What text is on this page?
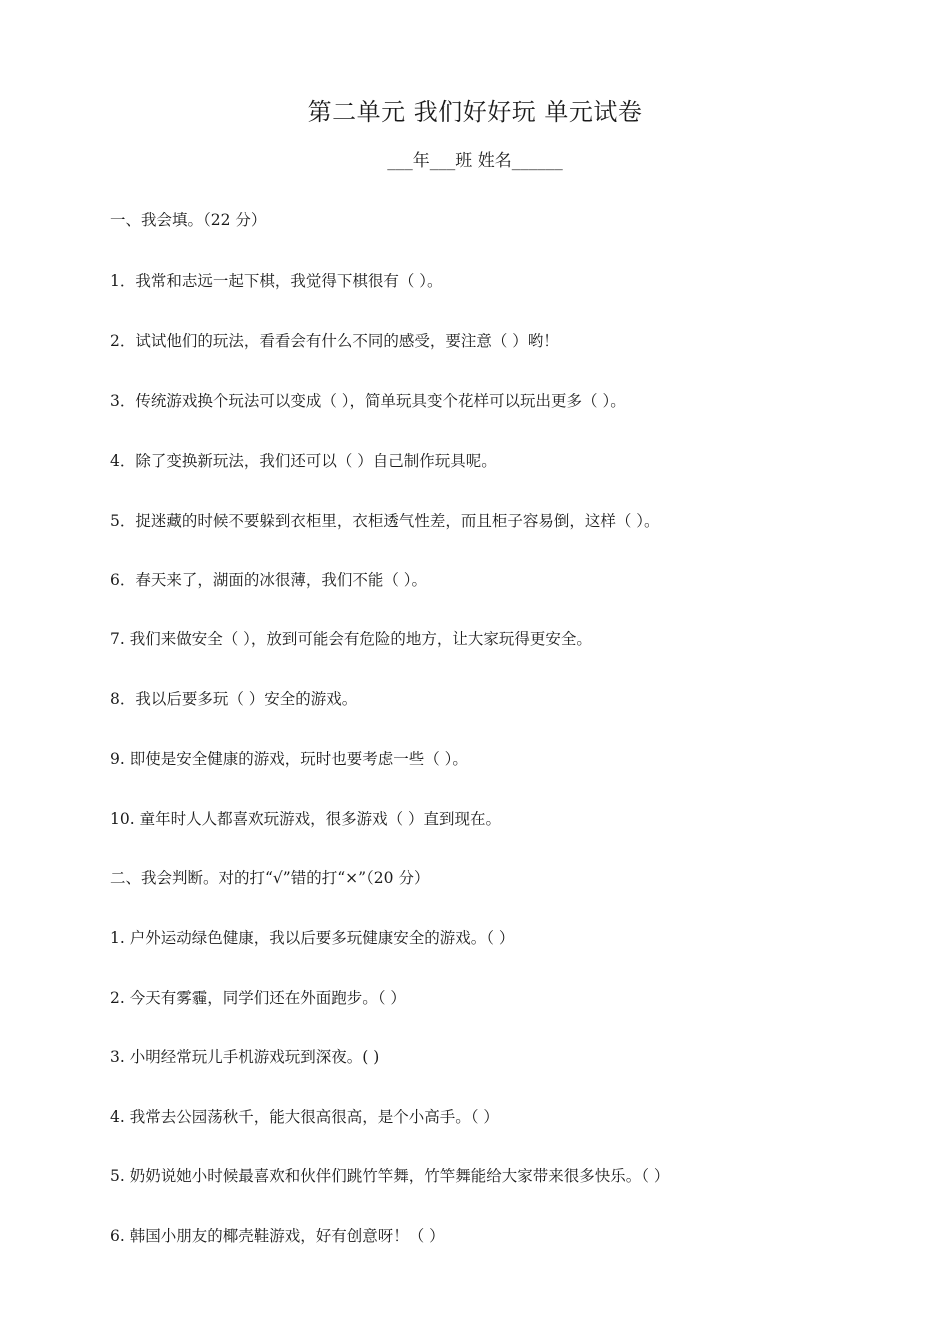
第二单元 我们好好玩 单元试卷
___年___班 姓名______
一、我会填。（22 分）
1．我常和志远一起下棋，我觉得下棋很有（ ）。
2．试试他们的玩法，看看会有什么不同的感受，要注意（ ）哟！
3．传统游戏换个玩法可以变成（ ），简单玩具变个花样可以玩出更多（ ）。
4．除了变换新玩法，我们还可以（ ）自己制作玩具呢。
5．捉迷藏的时候不要躲到衣柜里，衣柜透气性差，而且柜子容易倒，这样（ ）。
6．春天来了，湖面的冰很薄，我们不能（ ）。
7. 我们来做安全（ ），放到可能会有危险的地方，让大家玩得更安全。
8．我以后要多玩（ ）安全的游戏。
9. 即使是安全健康的游戏，玩时也要考虑一些（ ）。
10. 童年时人人都喜欢玩游戏，很多游戏（ ）直到现在。
二、我会判断。对的打“√”错的打“×”（20 分）
1. 户外运动绿色健康，我以后要多玩健康安全的游戏。（ ）
2. 今天有雾霾，同学们还在外面跑步。（ ）
3. 小明经常玩儿手机游戏玩到深夜。( )
4. 我常去公园荡秋千，能大很高很高，是个小高手。（ ）
5. 奶奶说她小时候最喜欢和伙伴们跳竹竿舞，竹竿舞能给大家带来很多快乐。（ ）
6. 韩国小朋友的椰壳鞋游戏，好有创意呀！（ ）
